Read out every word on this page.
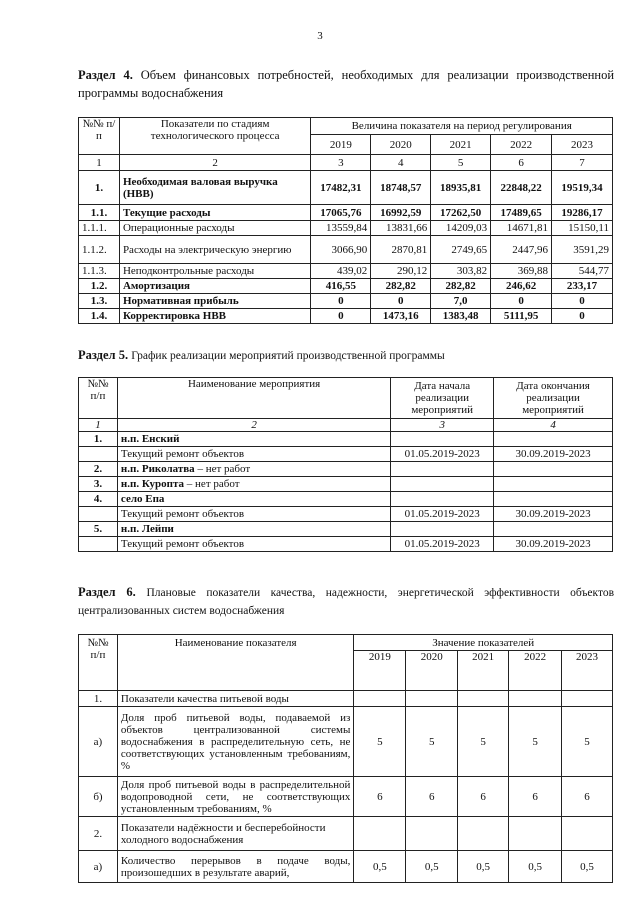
3
Раздел 4. Объем финансовых потребностей, необходимых для реализации производственной
программы водоснабжения
№№ п/п	Показатели по стадиям технологического процесса	Величина показателя на период регулирования				
		2019	2020	2021	2022	2023
1	2	3	4	5	6	7
1.	Необходимая валовая выручка (НВВ)	17482,31	18748,57	18935,81	22848,22	19519,34
1.1.	Текущие расходы	17065,76	16992,59	17262,50	17489,65	19286,17
1.1.1.	Операционные расходы	13559,84	13831,66	14209,03	14671,81	15150,11
1.1.2.	Расходы на электрическую энергию	3066,90	2870,81	2749,65	2447,96	3591,29
1.1.3.	Неподконтрольные расходы	439,02	290,12	303,82	369,88	544,77
1.2.	Амортизация	416,55	282,82	282,82	246,62	233,17
1.3.	Нормативная прибыль	0	0	7,0	0	0
1.4.	Корректировка НВВ	0	1473,16	1383,48	5111,95	0
Раздел 5. График реализации мероприятий производственной программы
№№ п/п	Наименование мероприятия	Дата начала реализации мероприятий	Дата окончания реализации мероприятий
1	2	3	4
1.	н.п. Енский		
	Текущий ремонт объектов	01.05.2019-2023	30.09.2019-2023
2.	н.п. Риколатва – нет работ		
3.	н.п. Куропта – нет работ		
4.	село Епа		
	Текущий ремонт объектов	01.05.2019-2023	30.09.2019-2023
5.	н.п. Лейпи		
	Текущий ремонт объектов	01.05.2019-2023	30.09.2019-2023
Раздел 6. Плановые показатели качества, надежности, энергетической эффективности объектов
централизованных систем водоснабжения
№№ п/п	Наименование показателя	Значение показателей				
		2019	2020	2021	2022	2023
1.	Показатели качества питьевой воды					
а)	Доля проб питьевой воды, подаваемой из объектов централизованной системы водоснабжения в распределительную сеть, не соответствующих установленным требованиям, %	5	5	5	5	5
б)	Доля проб питьевой воды в распределительной водопроводной сети, не соответствующих установленным требованиям, %	6	6	6	6	6
2.	Показатели надёжности и бесперебойности холодного водоснабжения					
а)	Количество перерывов в подаче воды, произошедших в результате аварий,	0,5	0,5	0,5	0,5	0,5
